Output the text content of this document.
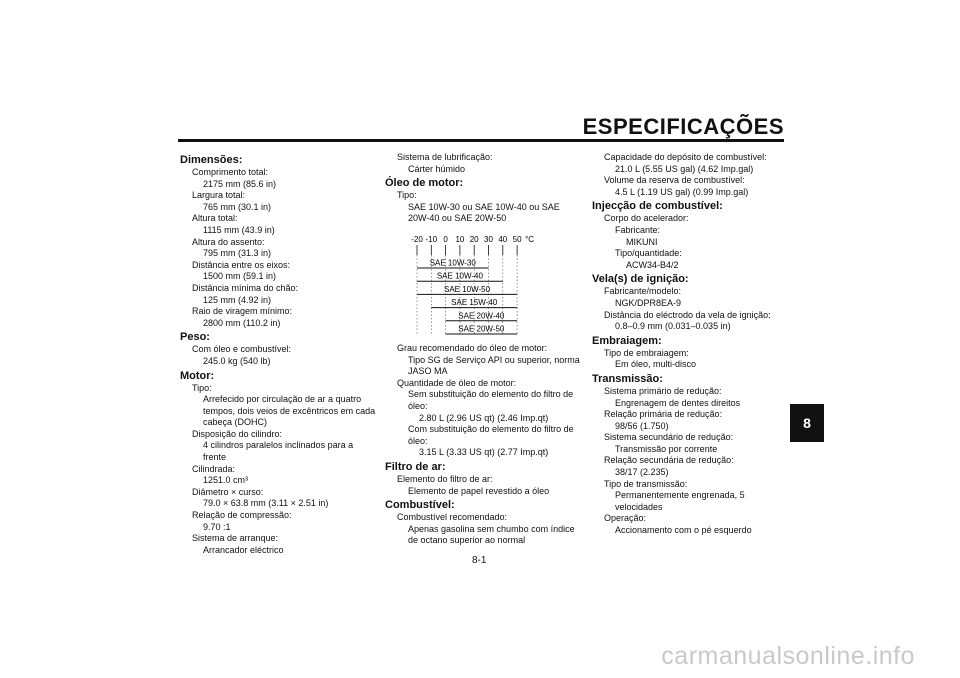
ESPECIFICAÇÕES
8
Dimensões:
Comprimento total:
2175 mm (85.6 in)
Largura total:
765 mm (30.1 in)
Altura total:
1115 mm (43.9 in)
Altura do assento:
795 mm (31.3 in)
Distância entre os eixos:
1500 mm (59.1 in)
Distância mínima do chão:
125 mm (4.92 in)
Raio de viragem mínimo:
2800 mm (110.2 in)
Peso:
Com óleo e combustível:
245.0 kg (540 lb)
Motor:
Tipo:
Arrefecido por circulação de ar a quatro
tempos, dois veios de excêntricos em cada
cabeça (DOHC)
Disposição do cilindro:
4 cilindros paralelos inclinados para a
frente
Cilindrada:
1251.0 cm³
Diâmetro × curso:
79.0 × 63.8 mm (3.11 × 2.51 in)
Relação de compressão:
9.70 :1
Sistema de arranque:
Arrancador eléctrico
Sistema de lubrificação:
Cárter húmido
Óleo de motor:
Tipo:
SAE 10W-30 ou SAE 10W-40 ou SAE
20W-40 ou SAE 20W-50
-20 -10 0 10 20 30 40 50 °C
SAE 10W-30
SAE 10W-40
SAE 10W-50
SAE 15W-40
SAE 20W-40
SAE 20W-50
Grau recomendado do óleo de motor:
Tipo SG de Serviço API ou superior, norma
JASO MA
Quantidade de óleo de motor:
Sem substituição do elemento do filtro de
óleo:
2.80 L (2.96 US qt) (2.46 Imp.qt)
Com substituição do elemento do filtro de
óleo:
3.15 L (3.33 US qt) (2.77 Imp.qt)
Filtro de ar:
Elemento do filtro de ar:
Elemento de papel revestido a óleo
Combustível:
Combustível recomendado:
Apenas gasolina sem chumbo com índice
de octano superior ao normal
Capacidade do depósito de combustível:
21.0 L (5.55 US gal) (4.62 Imp.gal)
Volume da reserva de combustível:
4.5 L (1.19 US gal) (0.99 Imp.gal)
Injecção de combustível:
Corpo do acelerador:
Fabricante:
MIKUNI
Tipo/quantidade:
ACW34-B4/2
Vela(s) de ignição:
Fabricante/modelo:
NGK/DPR8EA-9
Distância do eléctrodo da vela de ignição:
0.8–0.9 mm (0.031–0.035 in)
Embraiagem:
Tipo de embraiagem:
Em óleo, multi-disco
Transmissão:
Sistema primário de redução:
Engrenagem de dentes direitos
Relação primária de redução:
98/56 (1.750)
Sistema secundário de redução:
Transmissão por corrente
Relação secundária de redução:
38/17 (2.235)
Tipo de transmissão:
Permanentemente engrenada, 5
velocidades
Operação:
Accionamento com o pé esquerdo
8-1
carmanualsonline.info
